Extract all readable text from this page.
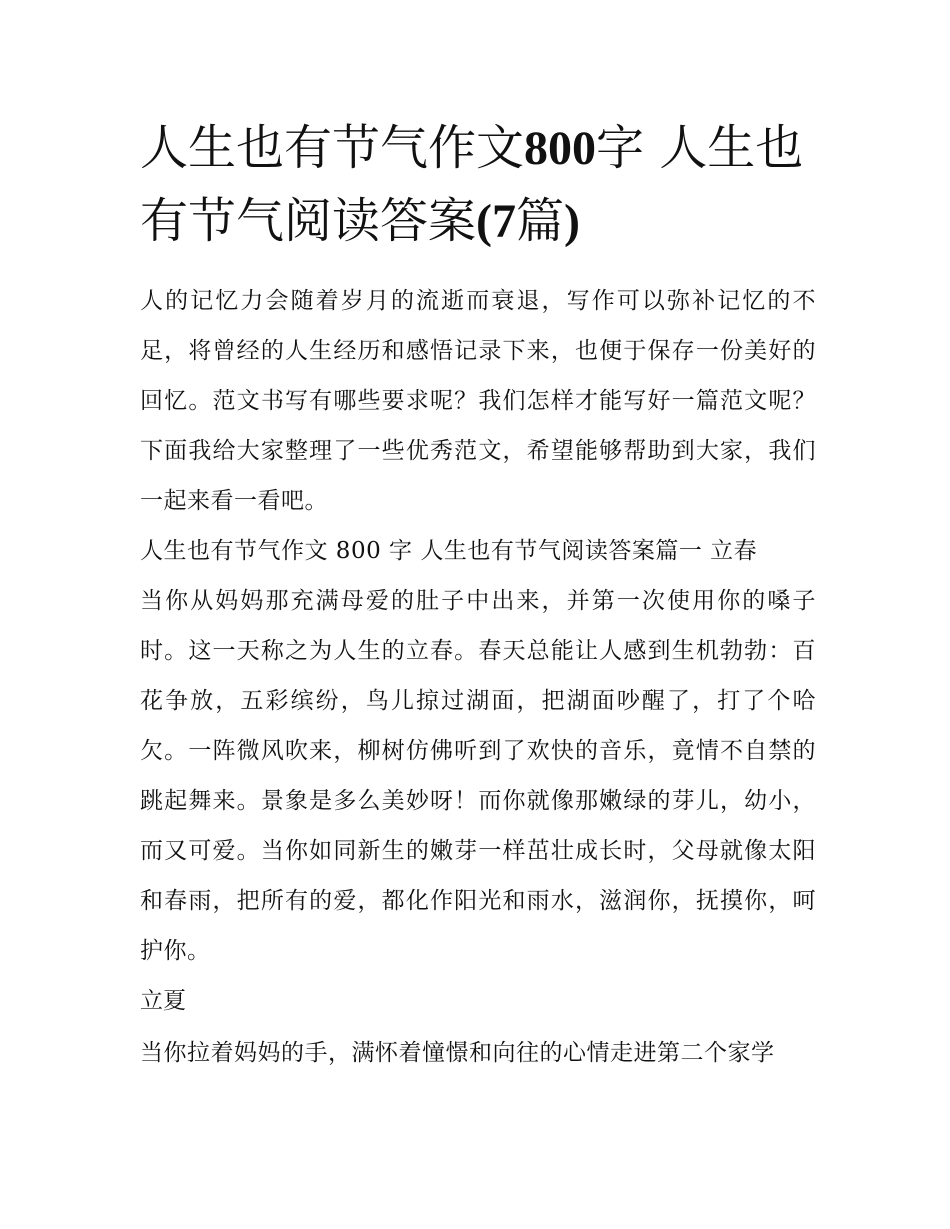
人生也有节气作文800字 人生也有节气阅读答案(7篇)

人的记忆力会随着岁月的流逝而衰退，写作可以弥补记忆的不足，将曾经的人生经历和感悟记录下来，也便于保存一份美好的回忆。范文书写有哪些要求呢？我们怎样才能写好一篇范文呢？下面我给大家整理了一些优秀范文，希望能够帮助到大家，我们一起来看一看吧。

人生也有节气作文 800 字 人生也有节气阅读答案篇一 立春

当你从妈妈那充满母爱的肚子中出来，并第一次使用你的嗓子时。这一天称之为人生的立春。春天总能让人感到生机勃勃：百花争放，五彩缤纷，鸟儿掠过湖面，把湖面吵醒了，打了个哈欠。一阵微风吹来，柳树仿佛听到了欢快的音乐，竟情不自禁的跳起舞来。景象是多么美妙呀！而你就像那嫩绿的芽儿，幼小，而又可爱。当你如同新生的嫩芽一样茁壮成长时，父母就像太阳和春雨，把所有的爱，都化作阳光和雨水，滋润你，抚摸你，呵护你。

立夏

当你拉着妈妈的手，满怀着憧憬和向往的心情走进第二个家学
